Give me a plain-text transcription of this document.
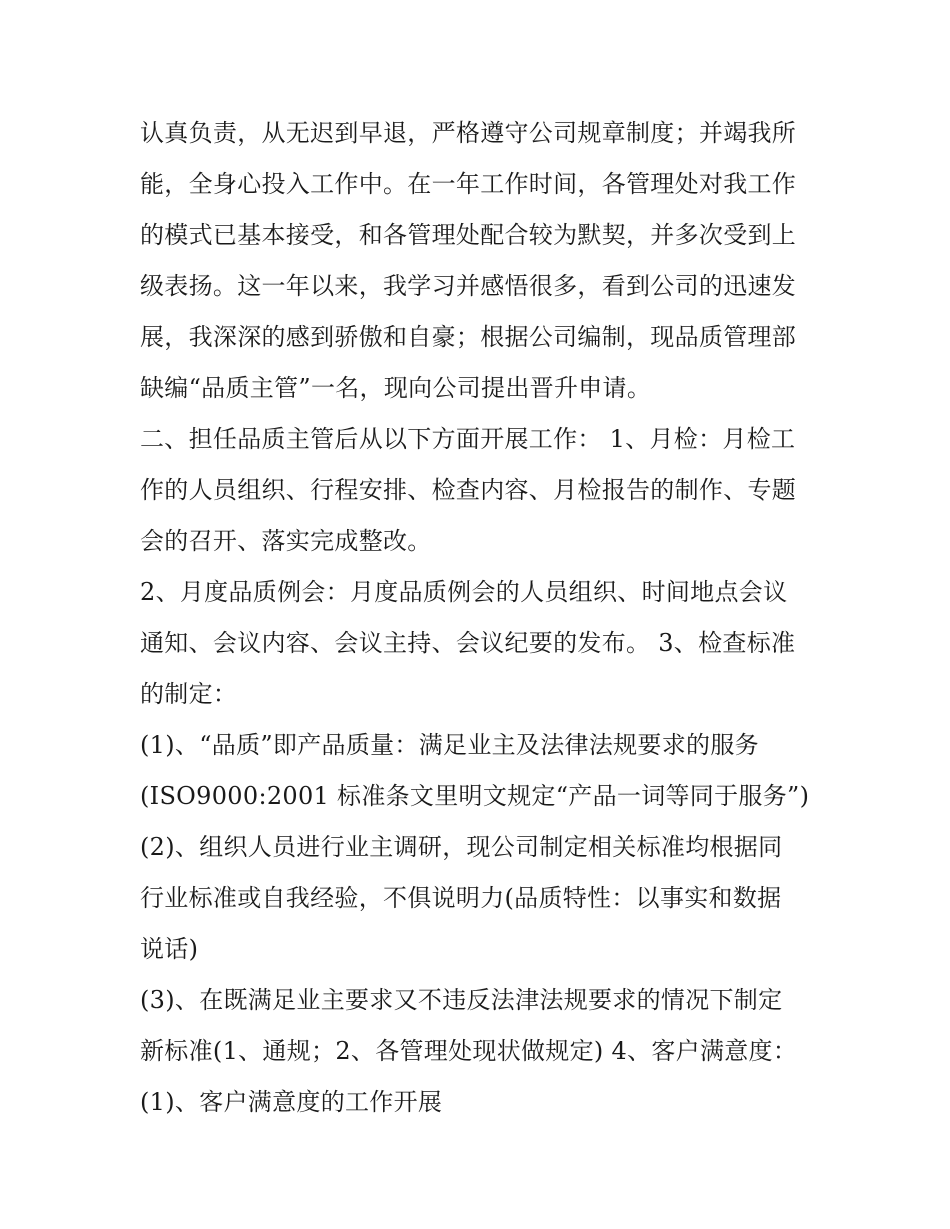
认真负责，从无迟到早退，严格遵守公司规章制度；并竭我所
能，全身心投入工作中。在一年工作时间，各管理处对我工作
的模式已基本接受，和各管理处配合较为默契，并多次受到上
级表扬。这一年以来，我学习并感悟很多，看到公司的迅速发
展，我深深的感到骄傲和自豪；根据公司编制，现品质管理部
缺编“品质主管”一名，现向公司提出晋升申请。
二、担任品质主管后从以下方面开展工作： 1、月检：月检工
作的人员组织、行程安排、检查内容、月检报告的制作、专题
会的召开、落实完成整改。
2、月度品质例会：月度品质例会的人员组织、时间地点会议
通知、会议内容、会议主持、会议纪要的发布。 3、检查标准
的制定：
(1)、“品质”即产品质量：满足业主及法律法规要求的服务
(ISO9000:2001 标准条文里明文规定“产品一词等同于服务”)
(2)、组织人员进行业主调研，现公司制定相关标准均根据同
行业标准或自我经验，不俱说明力(品质特性：以事实和数据
说话)
(3)、在既满足业主要求又不违反法津法规要求的情况下制定
新标准(1、通规；2、各管理处现状做规定) 4、客户满意度：
(1)、客户满意度的工作开展
